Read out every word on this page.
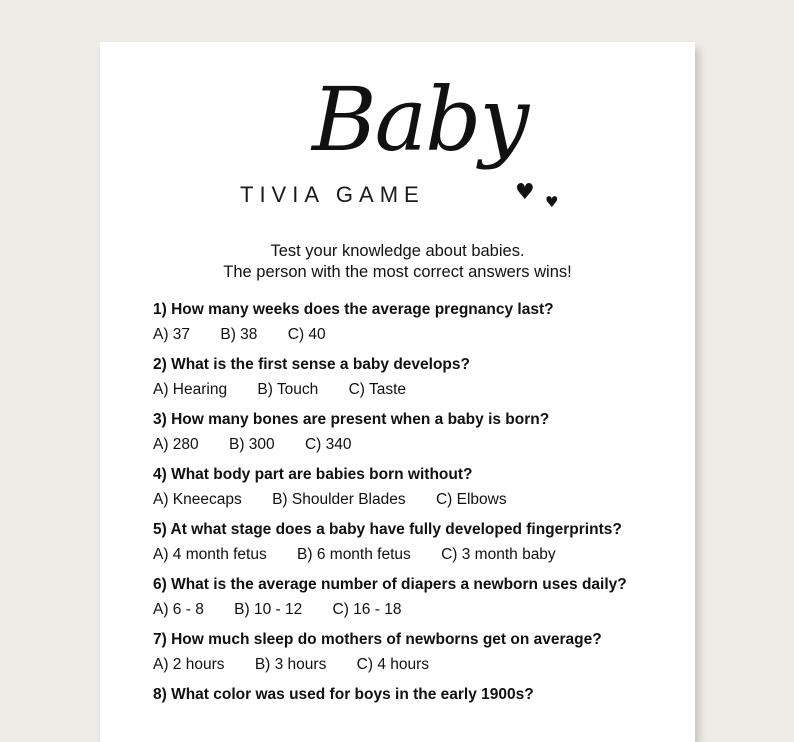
Baby
TIVIA GAME	♥ ♥
Test your knowledge about babies.
The person with the most correct answers wins!
1) How many weeks does the average pregnancy last?
A) 37 B) 38 C) 40
2) What is the first sense a baby develops?
A) Hearing B) Touch C) Taste
3) How many bones are present when a baby is born?
A) 280 B) 300 C) 340
4) What body part are babies born without?
A) Kneecaps B) Shoulder Blades C) Elbows
5) At what stage does a baby have fully developed fingerprints?
A) 4 month fetus B) 6 month fetus C) 3 month baby
6) What is the average number of diapers a newborn uses daily?
A) 6 - 8 B) 10 - 12 C) 16 - 18
7) How much sleep do mothers of newborns get on average?
A) 2 hours B) 3 hours C) 4 hours
8) What color was used for boys in the early 1900s?
